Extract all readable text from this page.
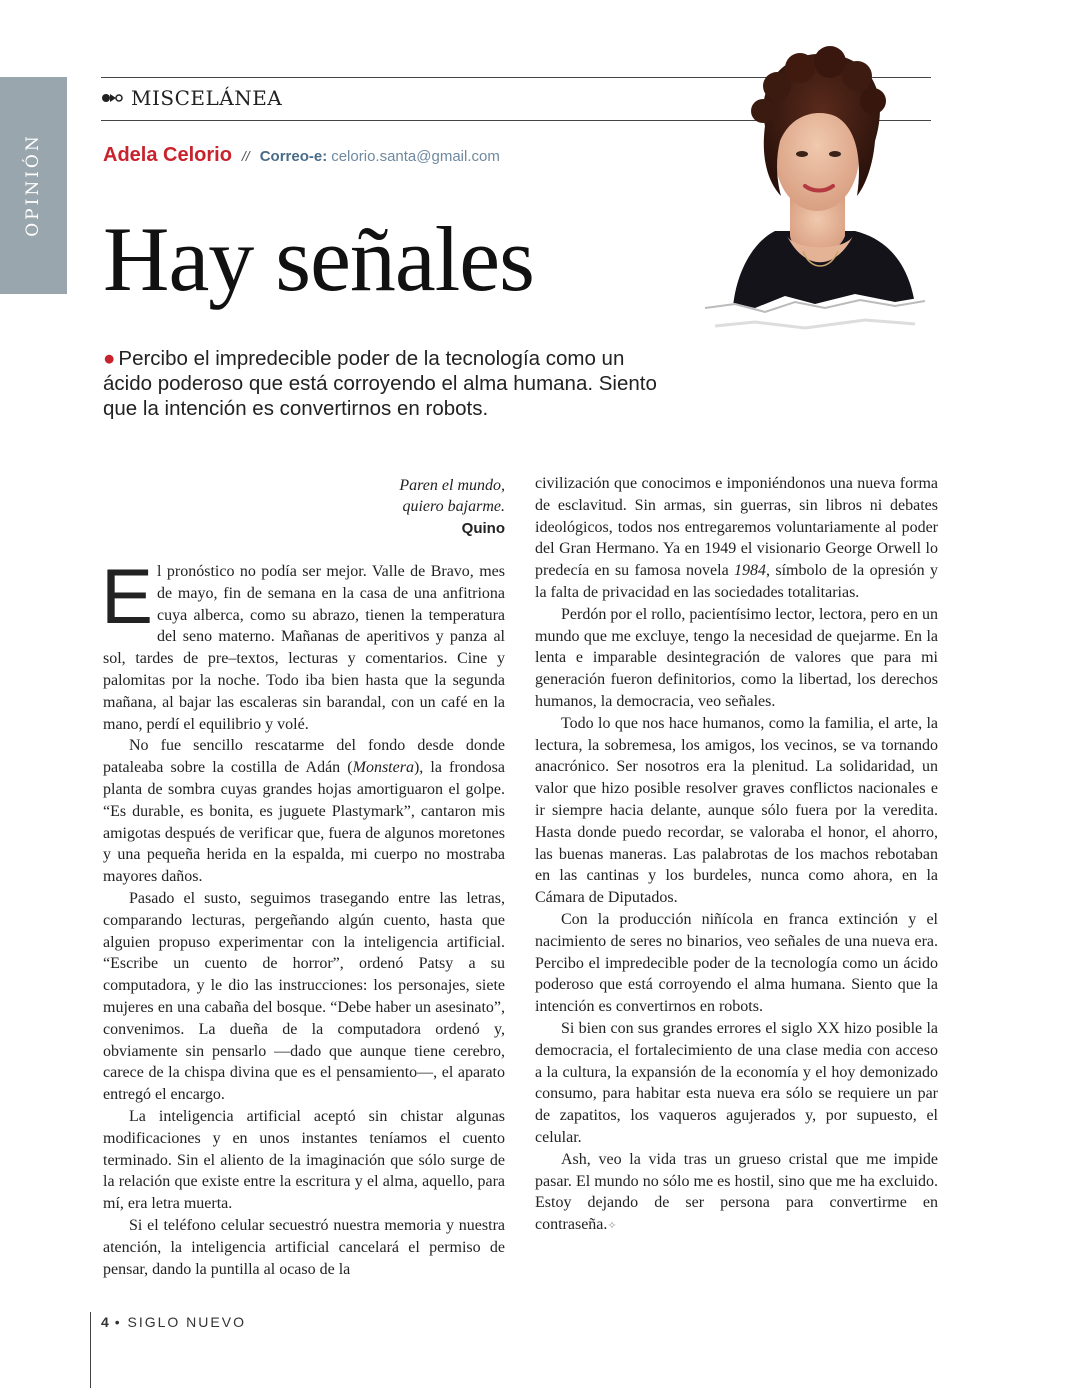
OPINIÓN
MISCELÁNEA
Adela Celorio // Correo-e: celorio.santa@gmail.com
Hay señales

● Percibo el impredecible poder de la tecnología como un ácido poderoso que está corroyendo el alma humana. Siento que la intención es convertirnos en robots.

Paren el mundo,
quiero bajarme.
Quino

El pronóstico no podía ser mejor. Valle de Bravo, mes de mayo, fin de semana en la casa de una anfitriona cuya alberca, como su abrazo, tienen la temperatura del seno materno. Mañanas de aperitivos y panza al sol, tardes de pre–textos, lecturas y comentarios. Cine y palomitas por la noche. Todo iba bien hasta que la segunda mañana, al bajar las escaleras sin barandal, con un café en la mano, perdí el equilibrio y volé.

No fue sencillo rescatarme del fondo desde donde pataleaba sobre la costilla de Adán (Monstera), la frondosa planta de sombra cuyas grandes hojas amortiguaron el golpe. “Es durable, es bonita, es juguete Plastymark”, cantaron mis amigotas después de verificar que, fuera de algunos moretones y una pequeña herida en la espalda, mi cuerpo no mostraba mayores daños.

Pasado el susto, seguimos trasegando entre las letras, comparando lecturas, pergeñando algún cuento, hasta que alguien propuso experimentar con la inteligencia artificial. “Escribe un cuento de horror”, ordenó Patsy a su computadora, y le dio las instrucciones: los personajes, siete mujeres en una cabaña del bosque. “Debe haber un asesinato”, convenimos. La dueña de la computadora ordenó y, obviamente sin pensarlo —dado que aunque tiene cerebro, carece de la chispa divina que es el pensamiento—, el aparato entregó el encargo.

La inteligencia artificial aceptó sin chistar algunas modificaciones y en unos instantes teníamos el cuento terminado. Sin el aliento de la imaginación que sólo surge de la relación que existe entre la escritura y el alma, aquello, para mí, era letra muerta.

Si el teléfono celular secuestró nuestra memoria y nuestra atención, la inteligencia artificial cancelará el permiso de pensar, dando la puntilla al ocaso de la

civilización que conocimos e imponiéndonos una nueva forma de esclavitud. Sin armas, sin guerras, sin libros ni debates ideológicos, todos nos entregaremos voluntariamente al poder del Gran Hermano. Ya en 1949 el visionario George Orwell lo predecía en su famosa novela 1984, símbolo de la opresión y la falta de privacidad en las sociedades totalitarias.

Perdón por el rollo, pacientísimo lector, lectora, pero en un mundo que me excluye, tengo la necesidad de quejarme. En la lenta e imparable desintegración de valores que para mi generación fueron definitorios, como la libertad, los derechos humanos, la democracia, veo señales.

Todo lo que nos hace humanos, como la familia, el arte, la lectura, la sobremesa, los amigos, los vecinos, se va tornando anacrónico. Ser nosotros era la plenitud. La solidaridad, un valor que hizo posible resolver graves conflictos nacionales e ir siempre hacia delante, aunque sólo fuera por la veredita. Hasta donde puedo recordar, se valoraba el honor, el ahorro, las buenas maneras. Las palabrotas de los machos rebotaban en las cantinas y los burdeles, nunca como ahora, en la Cámara de Diputados.

Con la producción niñícola en franca extinción y el nacimiento de seres no binarios, veo señales de una nueva era. Percibo el impredecible poder de la tecnología como un ácido poderoso que está corroyendo el alma humana. Siento que la intención es convertirnos en robots.

Si bien con sus grandes errores el siglo XX hizo posible la democracia, el fortalecimiento de una clase media con acceso a la cultura, la expansión de la economía y el hoy demonizado consumo, para habitar esta nueva era sólo se requiere un par de zapatitos, los vaqueros agujerados y, por supuesto, el celular.

Ash, veo la vida tras un grueso cristal que me impide pasar. El mundo no sólo me es hostil, sino que me ha excluido. Estoy dejando de ser persona para convertirme en contraseña.✧

4 • SIGLO NUEVO
